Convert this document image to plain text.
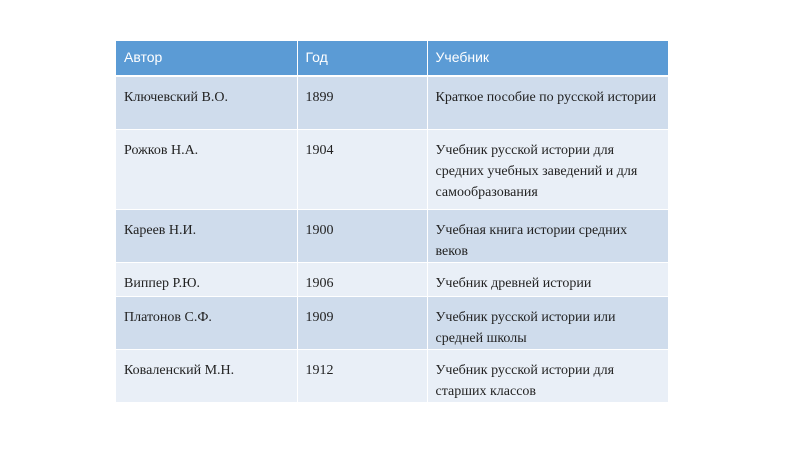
Автор	Год	Учебник
Ключевский В.О.	1899	Краткое пособие по русской истории
Рожков Н.А.	1904	Учебник русской истории для средних учебных заведений и для самообразования
Кареев Н.И.	1900	Учебная книга истории средних веков
Виппер Р.Ю.	1906	Учебник древней истории
Платонов С.Ф.	1909	Учебник русской истории или средней школы
Коваленский М.Н.	1912	Учебник русской истории для старших классов
